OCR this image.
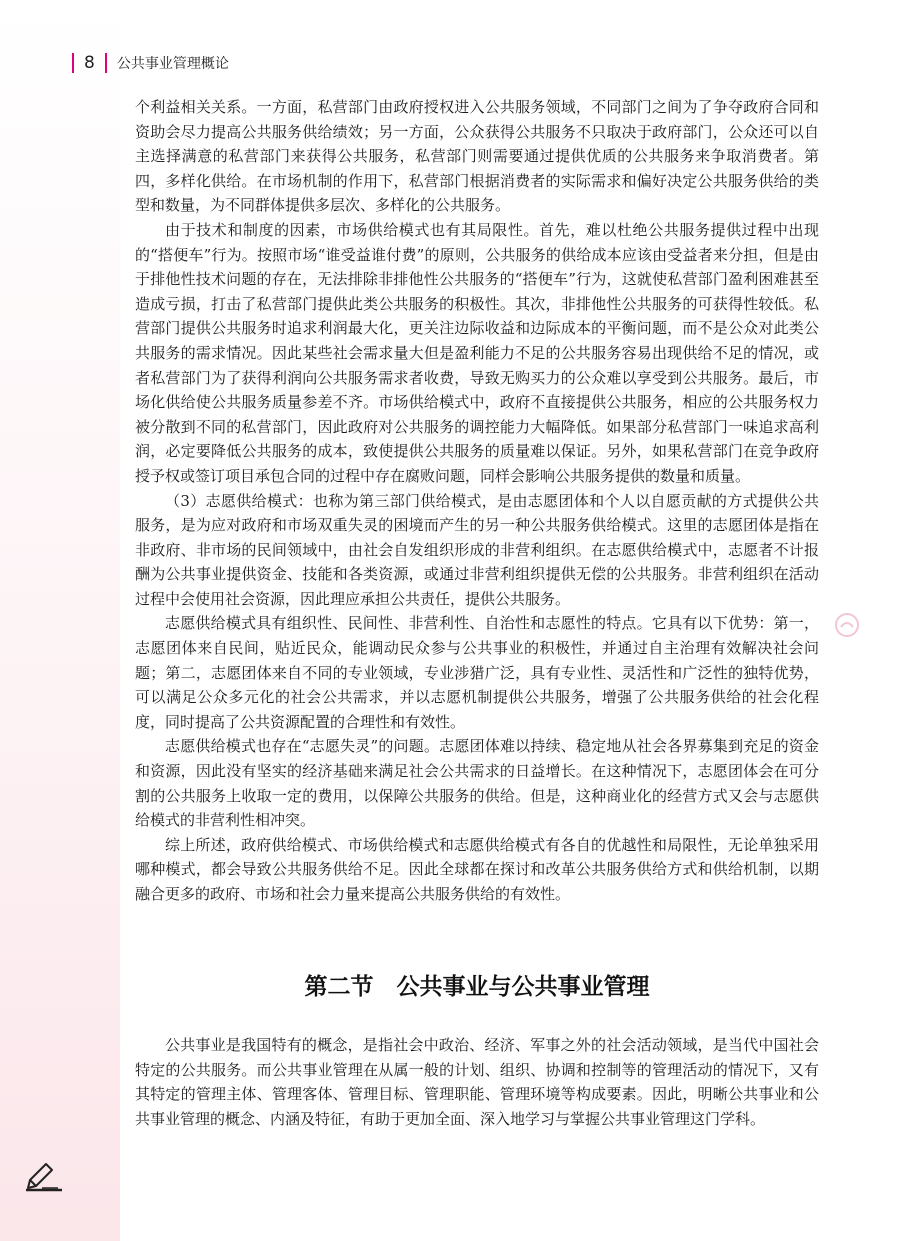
8 公共事业管理概论

个利益相关关系。一方面，私营部门由政府授权进入公共服务领域，不同部门之间为了争夺政府合同和资助会尽力提高公共服务供给绩效；另一方面，公众获得公共服务不只取决于政府部门，公众还可以自主选择满意的私营部门来获得公共服务，私营部门则需要通过提供优质的公共服务来争取消费者。第四，多样化供给。在市场机制的作用下，私营部门根据消费者的实际需求和偏好决定公共服务供给的类型和数量，为不同群体提供多层次、多样化的公共服务。

由于技术和制度的因素，市场供给模式也有其局限性。首先，难以杜绝公共服务提供过程中出现的“搭便车”行为。按照市场“谁受益谁付费”的原则，公共服务的供给成本应该由受益者来分担，但是由于排他性技术问题的存在，无法排除非排他性公共服务的“搭便车”行为，这就使私营部门盈利困难甚至造成亏损，打击了私营部门提供此类公共服务的积极性。其次，非排他性公共服务的可获得性较低。私营部门提供公共服务时追求利润最大化，更关注边际收益和边际成本的平衡问题，而不是公众对此类公共服务的需求情况。因此某些社会需求量大但是盈利能力不足的公共服务容易出现供给不足的情况，或者私营部门为了获得利润向公共服务需求者收费，导致无购买力的公众难以享受到公共服务。最后，市场化供给使公共服务质量参差不齐。市场供给模式中，政府不直接提供公共服务，相应的公共服务权力被分散到不同的私营部门，因此政府对公共服务的调控能力大幅降低。如果部分私营部门一味追求高利润，必定要降低公共服务的成本，致使提供公共服务的质量难以保证。另外，如果私营部门在竞争政府授予权或签订项目承包合同的过程中存在腐败问题，同样会影响公共服务提供的数量和质量。

（3）志愿供给模式：也称为第三部门供给模式，是由志愿团体和个人以自愿贡献的方式提供公共服务，是为应对政府和市场双重失灵的困境而产生的另一种公共服务供给模式。这里的志愿团体是指在非政府、非市场的民间领域中，由社会自发组织形成的非营利组织。在志愿供给模式中，志愿者不计报酬为公共事业提供资金、技能和各类资源，或通过非营利组织提供无偿的公共服务。非营利组织在活动过程中会使用社会资源，因此理应承担公共责任，提供公共服务。

志愿供给模式具有组织性、民间性、非营利性、自治性和志愿性的特点。它具有以下优势：第一，志愿团体来自民间，贴近民众，能调动民众参与公共事业的积极性，并通过自主治理有效解决社会问题；第二，志愿团体来自不同的专业领域，专业涉猎广泛，具有专业性、灵活性和广泛性的独特优势，可以满足公众多元化的社会公共需求，并以志愿机制提供公共服务，增强了公共服务供给的社会化程度，同时提高了公共资源配置的合理性和有效性。

志愿供给模式也存在“志愿失灵”的问题。志愿团体难以持续、稳定地从社会各界募集到充足的资金和资源，因此没有坚实的经济基础来满足社会公共需求的日益增长。在这种情况下，志愿团体会在可分割的公共服务上收取一定的费用，以保障公共服务的供给。但是，这种商业化的经营方式又会与志愿供给模式的非营利性相冲突。

综上所述，政府供给模式、市场供给模式和志愿供给模式有各自的优越性和局限性，无论单独采用哪种模式，都会导致公共服务供给不足。因此全球都在探讨和改革公共服务供给方式和供给机制，以期融合更多的政府、市场和社会力量来提高公共服务供给的有效性。

第二节　公共事业与公共事业管理

公共事业是我国特有的概念，是指社会中政治、经济、军事之外的社会活动领域，是当代中国社会特定的公共服务。而公共事业管理在从属一般的计划、组织、协调和控制等的管理活动的情况下，又有其特定的管理主体、管理客体、管理目标、管理职能、管理环境等构成要素。因此，明晰公共事业和公共事业管理的概念、内涵及特征，有助于更加全面、深入地学习与掌握公共事业管理这门学科。
